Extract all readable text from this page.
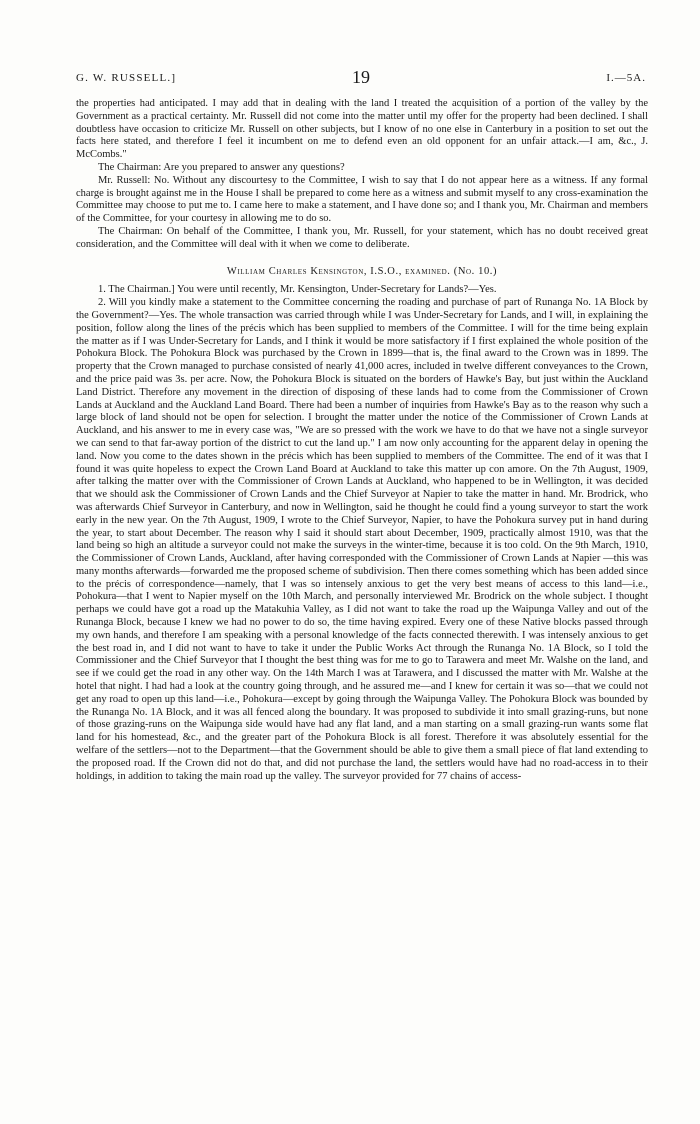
G. W. RUSSELL.]	19	I.—5A.

the properties had anticipated. I may add that in dealing with the land I treated the acquisition of a portion of the valley by the Government as a practical certainty. Mr. Russell did not come into the matter until my offer for the property had been declined. I shall doubtless have occasion to criticize Mr. Russell on other subjects, but I know of no one else in Canterbury in a position to set out the facts here stated, and therefore I feel it incumbent on me to defend even an old opponent for an unfair attack.—I am, &c., J. McCombs."

The Chairman: Are you prepared to answer any questions?

Mr. Russell: No. Without any discourtesy to the Committee, I wish to say that I do not appear here as a witness. If any formal charge is brought against me in the House I shall be prepared to come here as a witness and submit myself to any cross-examination the Committee may choose to put me to. I came here to make a statement, and I have done so; and I thank you, Mr. Chairman and members of the Committee, for your courtesy in allowing me to do so.

The Chairman: On behalf of the Committee, I thank you, Mr. Russell, for your statement, which has no doubt received great consideration, and the Committee will deal with it when we come to deliberate.

William Charles Kensington, I.S.O., examined. (No. 10.)

1. The Chairman.] You were until recently, Mr. Kensington, Under-Secretary for Lands?—Yes.

2. Will you kindly make a statement to the Committee concerning the roading and purchase of part of Runanga No. 1A Block by the Government?—Yes. The whole transaction was carried through while I was Under-Secretary for Lands, and I will, in explaining the position, follow along the lines of the précis which has been supplied to members of the Committee. I will for the time being explain the matter as if I was Under-Secretary for Lands, and I think it would be more satisfactory if I first explained the whole position of the Pohokura Block. The Pohokura Block was purchased by the Crown in 1899—that is, the final award to the Crown was in 1899. The property that the Crown managed to purchase consisted of nearly 41,000 acres, included in twelve different conveyances to the Crown, and the price paid was 3s. per acre. Now, the Pohokura Block is situated on the borders of Hawke's Bay, but just within the Auckland Land District. Therefore any movement in the direction of disposing of these lands had to come from the Commissioner of Crown Lands at Auckland and the Auckland Land Board. There had been a number of inquiries from Hawke's Bay as to the reason why such a large block of land should not be open for selection. I brought the matter under the notice of the Commissioner of Crown Lands at Auckland, and his answer to me in every case was, "We are so pressed with the work we have to do that we have not a single surveyor we can send to that far-away portion of the district to cut the land up." I am now only accounting for the apparent delay in opening the land. Now you come to the dates shown in the précis which has been supplied to members of the Committee. The end of it was that I found it was quite hopeless to expect the Crown Land Board at Auckland to take this matter up con amore. On the 7th August, 1909, after talking the matter over with the Commissioner of Crown Lands at Auckland, who happened to be in Wellington, it was decided that we should ask the Commissioner of Crown Lands and the Chief Surveyor at Napier to take the matter in hand. Mr. Brodrick, who was afterwards Chief Surveyor in Canterbury, and now in Wellington, said he thought he could find a young surveyor to start the work early in the new year. On the 7th August, 1909, I wrote to the Chief Surveyor, Napier, to have the Pohokura survey put in hand during the year, to start about December. The reason why I said it should start about December, 1909, practically almost 1910, was that the land being so high an altitude a surveyor could not make the surveys in the winter-time, because it is too cold. On the 9th March, 1910, the Commissioner of Crown Lands, Auckland, after having corresponded with the Commissioner of Crown Lands at Napier —this was many months afterwards—forwarded me the proposed scheme of subdivision. Then there comes something which has been added since to the précis of correspondence—namely, that I was so intensely anxious to get the very best means of access to this land—i.e., Pohokura—that I went to Napier myself on the 10th March, and personally interviewed Mr. Brodrick on the whole subject. I thought perhaps we could have got a road up the Matakuhia Valley, as I did not want to take the road up the Waipunga Valley and out of the Runanga Block, because I knew we had no power to do so, the time having expired. Every one of these Native blocks passed through my own hands, and therefore I am speaking with a personal knowledge of the facts connected therewith. I was intensely anxious to get the best road in, and I did not want to have to take it under the Public Works Act through the Runanga No. 1A Block, so I told the Commissioner and the Chief Surveyor that I thought the best thing was for me to go to Tarawera and meet Mr. Walshe on the land, and see if we could get the road in any other way. On the 14th March I was at Tarawera, and I discussed the matter with Mr. Walshe at the hotel that night. I had had a look at the country going through, and he assured me—and I knew for certain it was so—that we could not get any road to open up this land—i.e., Pohokura—except by going through the Waipunga Valley. The Pohokura Block was bounded by the Runanga No. 1A Block, and it was all fenced along the boundary. It was proposed to subdivide it into small grazing-runs, but none of those grazing-runs on the Waipunga side would have had any flat land, and a man starting on a small grazing-run wants some flat land for his homestead, &c., and the greater part of the Pohokura Block is all forest. Therefore it was absolutely essential for the welfare of the settlers—not to the Department—that the Government should be able to give them a small piece of flat land extending to the proposed road. If the Crown did not do that, and did not purchase the land, the settlers would have had no road-access in to their holdings, in addition to taking the main road up the valley. The surveyor provided for 77 chains of access-
